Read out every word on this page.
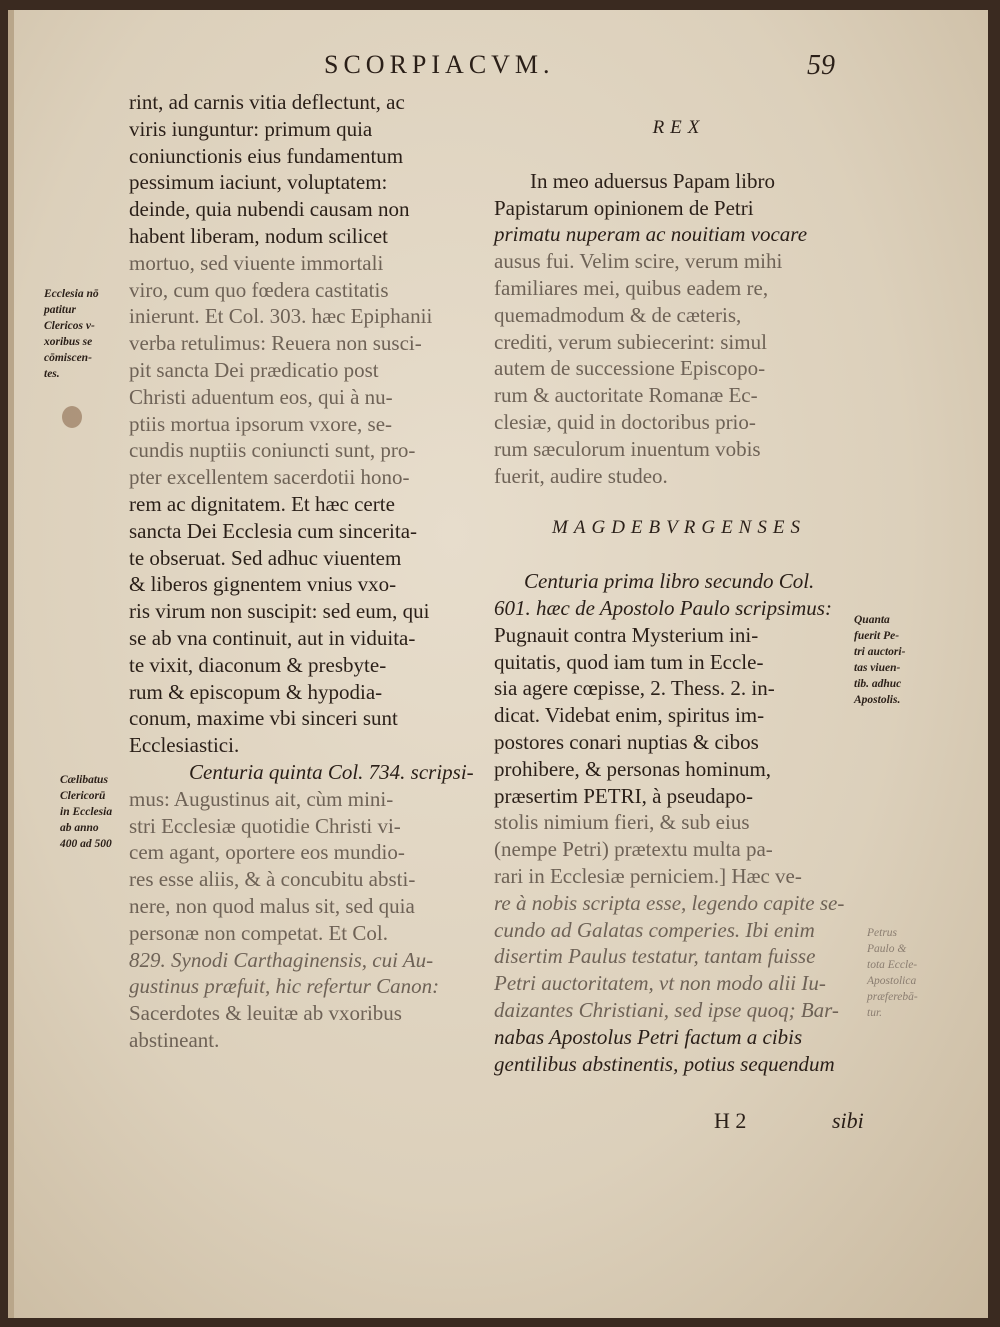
SCORPIACVM.	59

rint, ad carnis vitia deflectunt, ac

viris iunguntur: primum quia

coniunctionis eius fundamentum

pessimum iaciunt, voluptatem:

deinde, quia nubendi causam non

habent liberam, nodum scilicet

mortuo, sed viuente immortali

viro, cum quo fœdera castitatis

inierunt. Et Col. 303. hæc Epiphanii

verba retulimus: Reuera non susci-

pit sancta Dei prædicatio post

Christi aduentum eos, qui à nu-

ptiis mortua ipsorum vxore, se-

cundis nuptiis coniuncti sunt, pro-

pter excellentem sacerdotii hono-

rem ac dignitatem. Et hæc certe

sancta Dei Ecclesia cum sincerita-

te obseruat. Sed adhuc viuentem

& liberos gignentem vnius vxo-

ris virum non suscipit: sed eum, qui

se ab vna continuit, aut in viduita-

te vixit, diaconum & presbyte-

rum & episcopum & hypodia-

conum, maxime vbi sinceri sunt

Ecclesiastici.

Centuria quinta Col. 734. scripsi-

mus: Augustinus ait, cùm mini-

stri Ecclesiæ quotidie Christi vi-

cem agant, oportere eos mundio-

res esse aliis, & à concubitu absti-

nere, non quod malus sit, sed quia

personæ non competat. Et Col.

829. Synodi Carthaginensis, cui Au-

gustinus præfuit, hic refertur Canon:

Sacerdotes & leuitæ ab vxoribus

abstineant.

REX

In meo aduersus Papam libro

Papistarum opinionem de Petri

primatu nuperam ac nouitiam vocare

ausus fui. Velim scire, verum mihi

familiares mei, quibus eadem re,

quemadmodum & de cæteris,

crediti, verum subiecerint: simul

autem de successione Episcopo-

rum & auctoritate Romanæ Ec-

clesiæ, quid in doctoribus prio-

rum sæculorum inuentum vobis

fuerit, audire studeo.

MAGDEBVRGENSES

Centuria prima libro secundo Col.

601. hæc de Apostolo Paulo scripsimus:

Pugnauit contra Mysterium ini-

quitatis, quod iam tum in Eccle-

sia agere cœpisse, 2. Thess. 2. in-

dicat. Videbat enim, spiritus im-

postores conari nuptias & cibos

prohibere, & personas hominum,

præsertim PETRI, à pseudapo-

stolis nimium fieri, & sub eius

(nempe Petri) prætextu multa pa-

rari in Ecclesiæ perniciem.] Hæc ve-

re à nobis scripta esse, legendo capite se-

cundo ad Galatas comperies. Ibi enim

disertim Paulus testatur, tantam fuisse

Petri auctoritatem, vt non modo alii Iu-

daizantes Christiani, sed ipse quoq; Bar-

nabas Apostolus Petri factum a cibis

gentilibus abstinentis, potius sequendum

Ecclesia nō

patitur

Clericos v-

xoribus se

cōmiscen-

tes.

Cælibatus

Clericorū

in Ecclesia

ab anno

400 ad 500

Quanta

fuerit Pe-

tri auctori-

tas viuen-

tib. adhuc

Apostolis.

Petrus

Paulo &

tota Eccle-

Apostolica

præferebā-

tur.

H 2	sibi
